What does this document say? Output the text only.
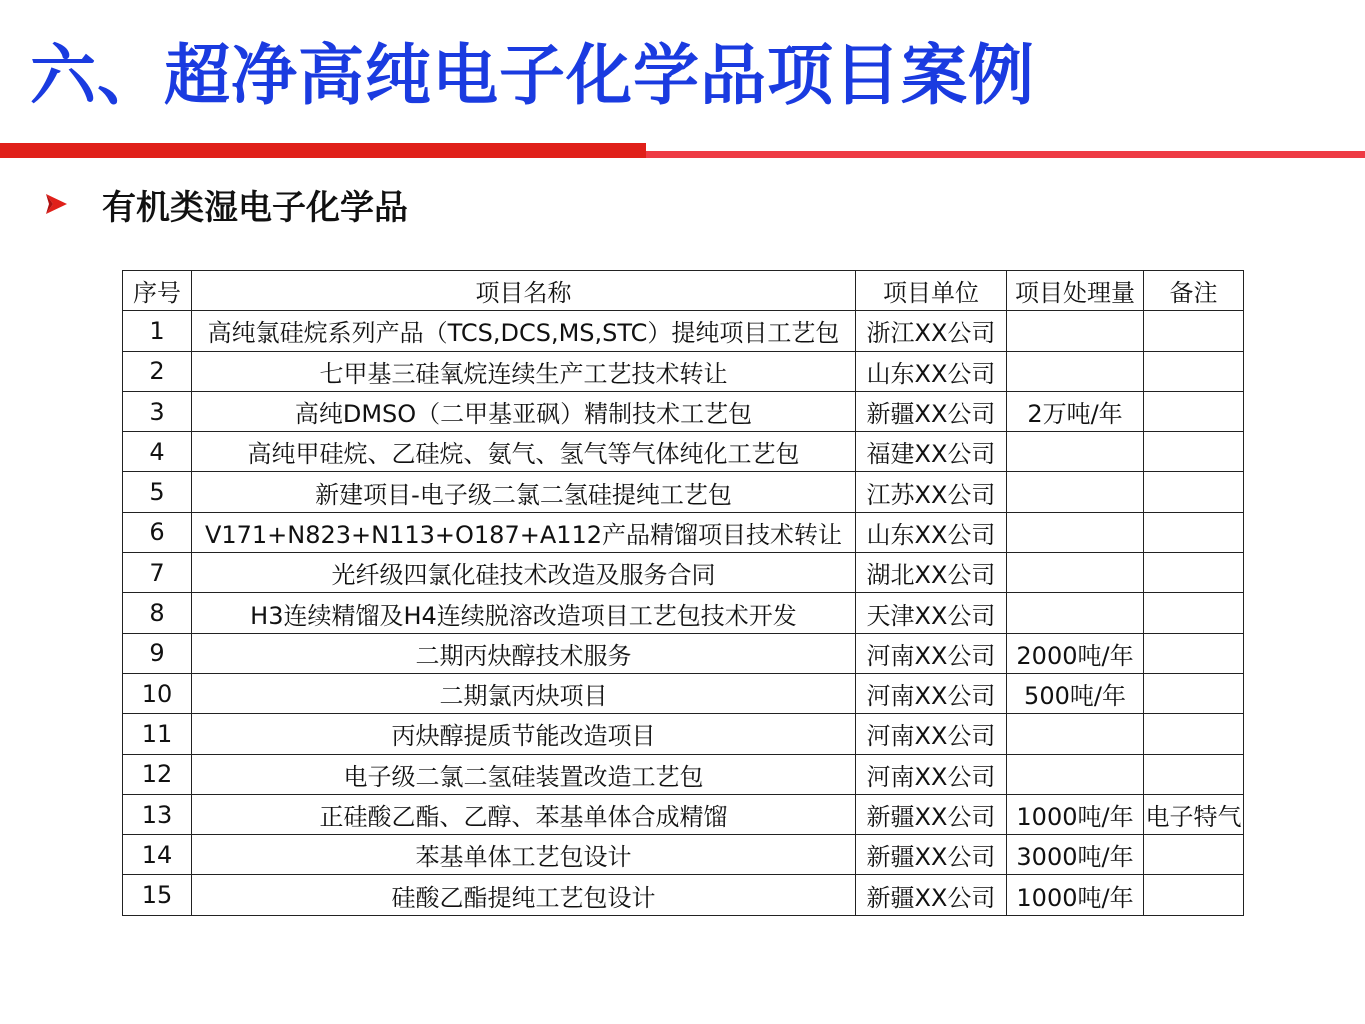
六、超净高纯电子化学品项目案例
有机类湿电子化学品
序号	项目名称	项目单位	项目处理量	备注
1	高纯氯硅烷系列产品（TCS,DCS,MS,STC）提纯项目工艺包	浙江XX公司		
2	七甲基三硅氧烷连续生产工艺技术转让	山东XX公司		
3	高纯DMSO（二甲基亚砜）精制技术工艺包	新疆XX公司	2万吨/年	
4	高纯甲硅烷、乙硅烷、氨气、氢气等气体纯化工艺包	福建XX公司		
5	新建项目-电子级二氯二氢硅提纯工艺包	江苏XX公司		
6	V171+N823+N113+O187+A112产品精馏项目技术转让	山东XX公司		
7	光纤级四氯化硅技术改造及服务合同	湖北XX公司		
8	H3连续精馏及H4连续脱溶改造项目工艺包技术开发	天津XX公司		
9	二期丙炔醇技术服务	河南XX公司	2000吨/年	
10	二期氯丙炔项目	河南XX公司	500吨/年	
11	丙炔醇提质节能改造项目	河南XX公司		
12	电子级二氯二氢硅装置改造工艺包	河南XX公司		
13	正硅酸乙酯、乙醇、苯基单体合成精馏	新疆XX公司	1000吨/年	电子特气
14	苯基单体工艺包设计	新疆XX公司	3000吨/年	
15	硅酸乙酯提纯工艺包设计	新疆XX公司	1000吨/年	
